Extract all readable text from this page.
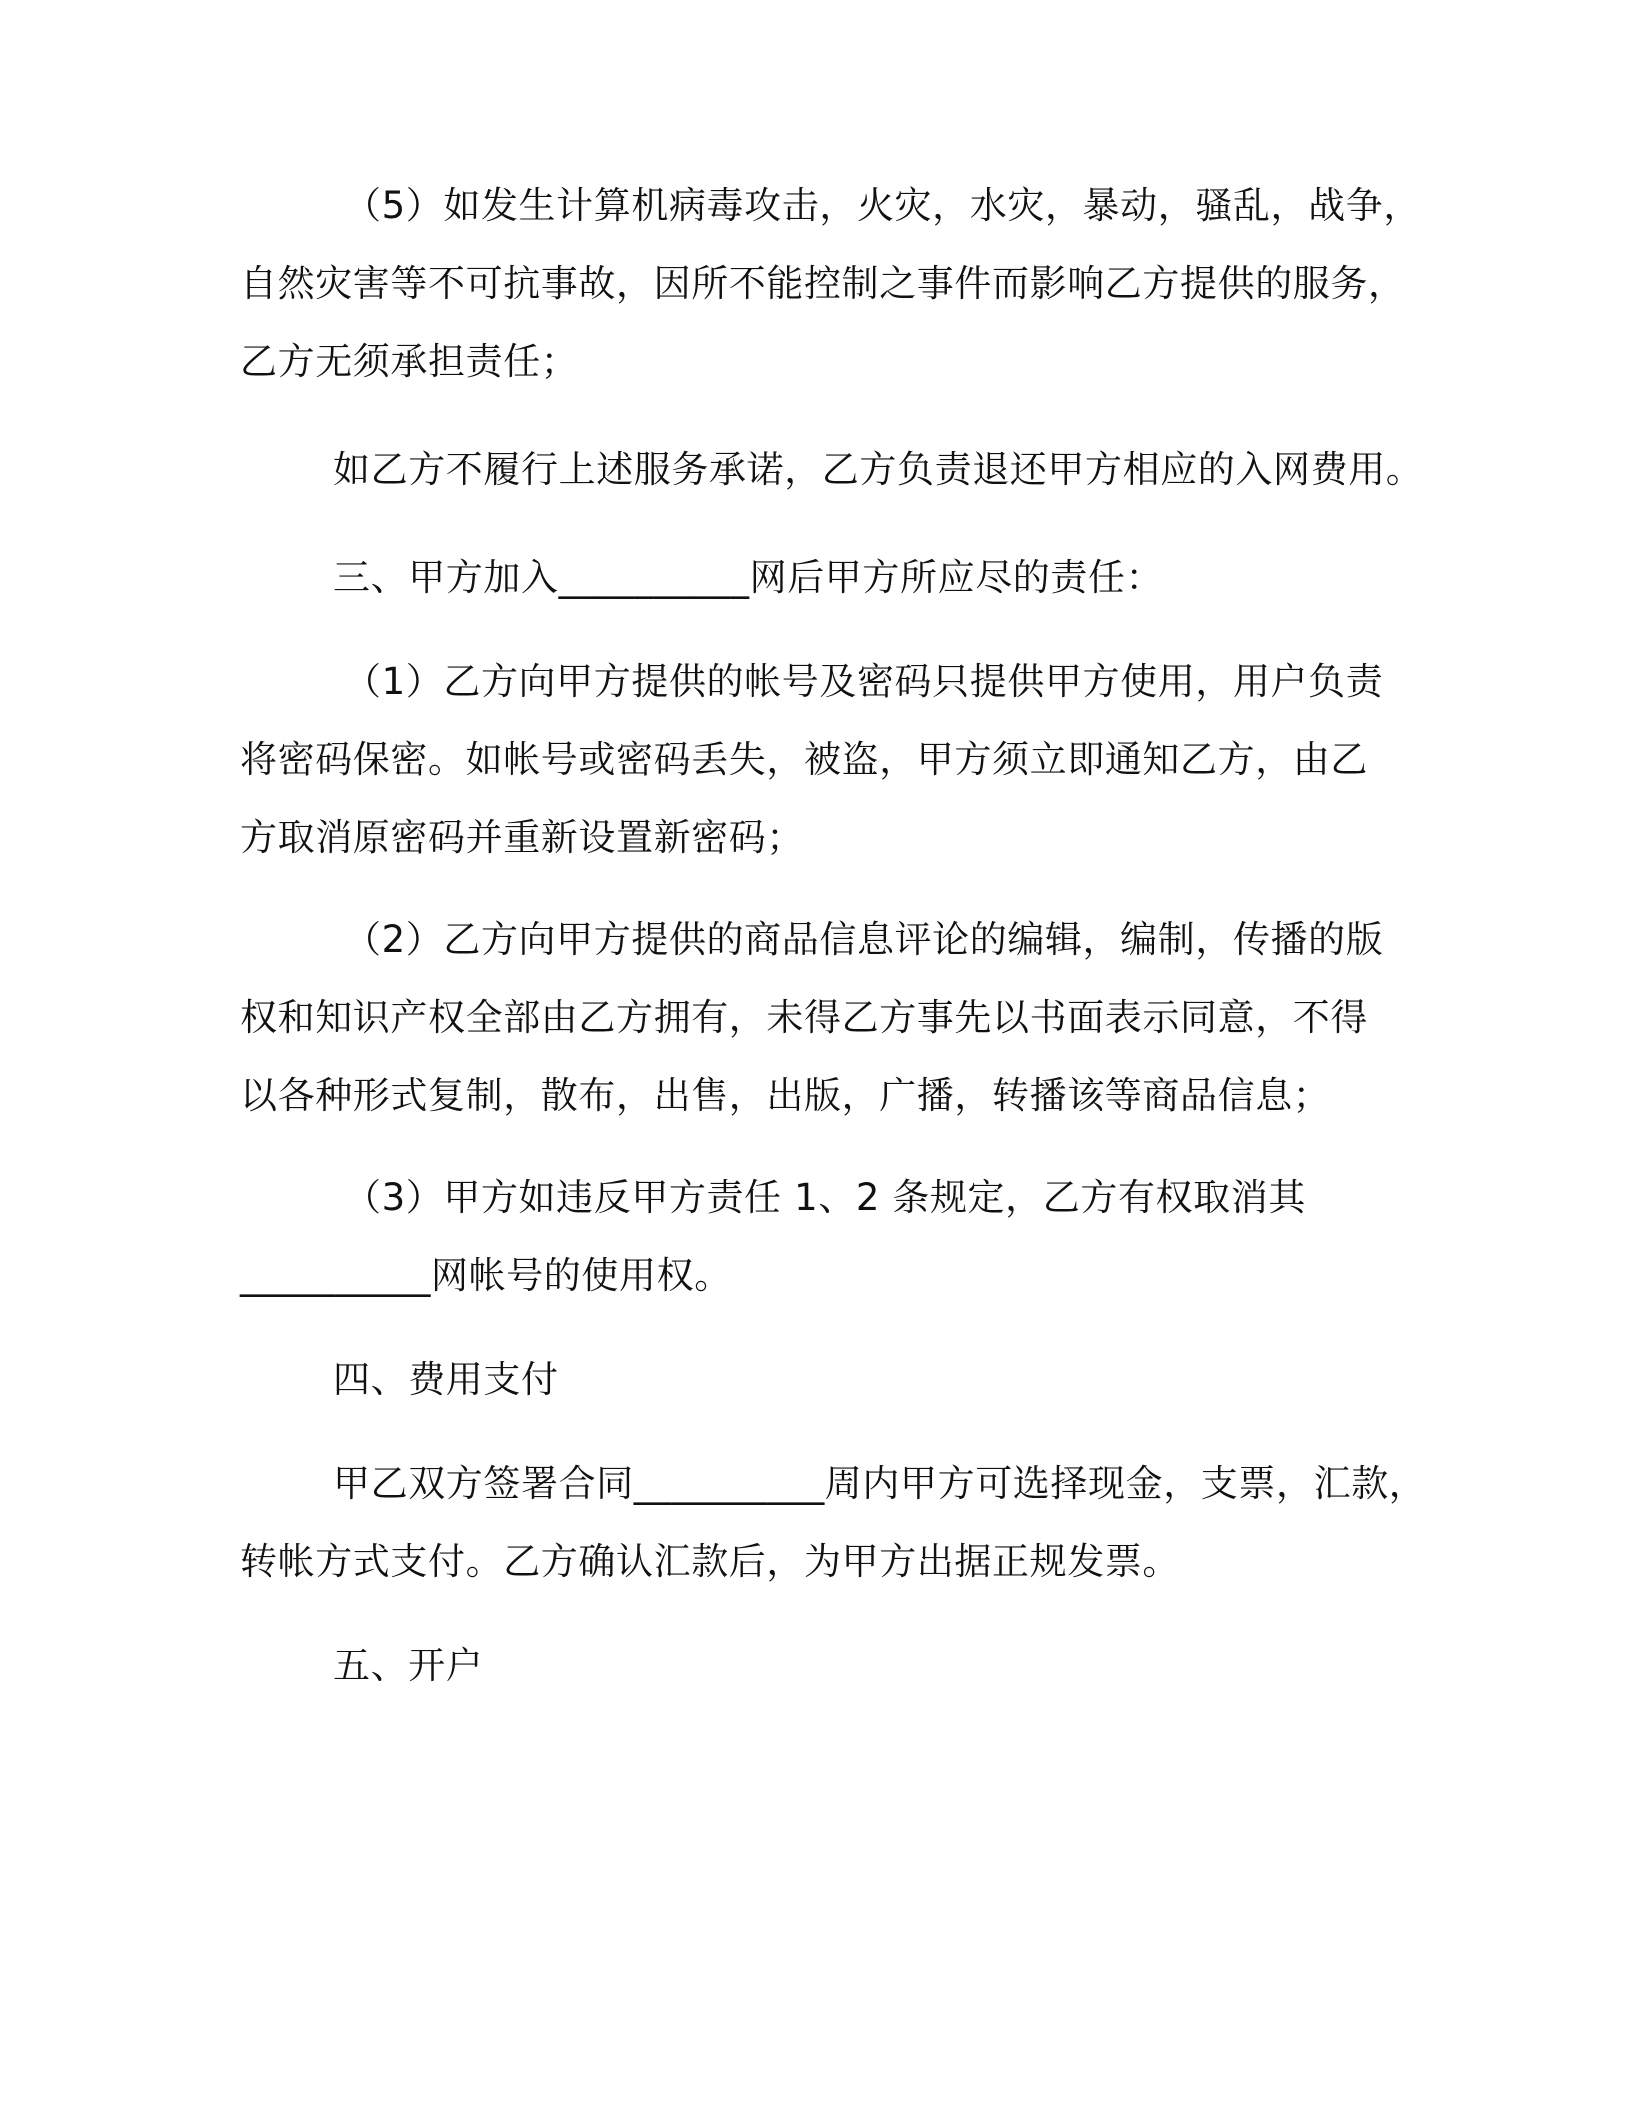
（5）如发生计算机病毒攻击，火灾，水灾，暴动，骚乱，战争，
自然灾害等不可抗事故，因所不能控制之事件而影响乙方提供的服务，
乙方无须承担责任；
如乙方不履行上述服务承诺，乙方负责退还甲方相应的入网费用。
三、甲方加入__________网后甲方所应尽的责任：
（1）乙方向甲方提供的帐号及密码只提供甲方使用，用户负责
将密码保密。如帐号或密码丢失，被盗，甲方须立即通知乙方，由乙
方取消原密码并重新设置新密码；
（2）乙方向甲方提供的商品信息评论的编辑，编制，传播的版
权和知识产权全部由乙方拥有，未得乙方事先以书面表示同意，不得
以各种形式复制，散布，出售，出版，广播，转播该等商品信息；
（3）甲方如违反甲方责任 1、2 条规定，乙方有权取消其
__________网帐号的使用权。
四、费用支付
甲乙双方签署合同__________周内甲方可选择现金，支票，汇款，
转帐方式支付。乙方确认汇款后，为甲方出据正规发票。
五、开户
